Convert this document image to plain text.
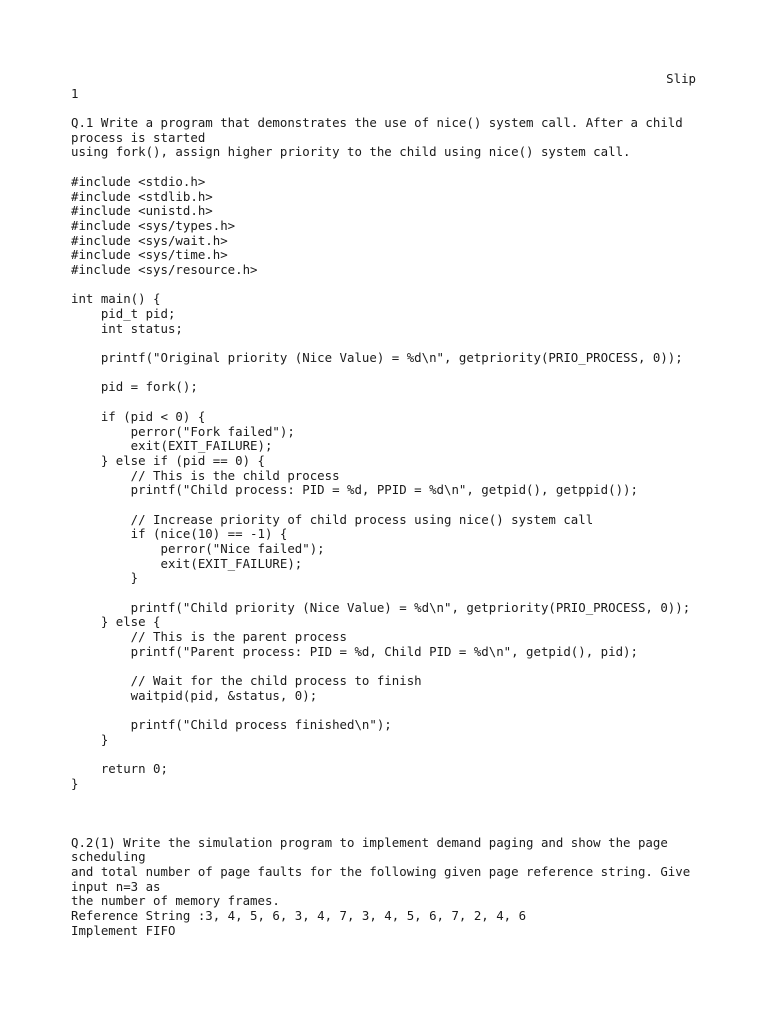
Slip
1
Q.1 Write a program that demonstrates the use of nice() system call. After a child
process is started
using fork(), assign higher priority to the child using nice() system call.
#include <stdio.h>
#include <stdlib.h>
#include <unistd.h>
#include <sys/types.h>
#include <sys/wait.h>
#include <sys/time.h>
#include <sys/resource.h>
int main() {
pid_t pid;
int status;
printf("Original priority (Nice Value) = %d\n", getpriority(PRIO_PROCESS, 0));
pid = fork();
if (pid < 0) {
perror("Fork failed");
exit(EXIT_FAILURE);
} else if (pid == 0) {
// This is the child process
printf("Child process: PID = %d, PPID = %d\n", getpid(), getppid());
// Increase priority of child process using nice() system call
if (nice(10) == -1) {
perror("Nice failed");
exit(EXIT_FAILURE);
}
printf("Child priority (Nice Value) = %d\n", getpriority(PRIO_PROCESS, 0));
} else {
// This is the parent process
printf("Parent process: PID = %d, Child PID = %d\n", getpid(), pid);
// Wait for the child process to finish
waitpid(pid, &status, 0);
printf("Child process finished\n");
}
return 0;
}
Q.2(1) Write the simulation program to implement demand paging and show the page
scheduling
and total number of page faults for the following given page reference string. Give
input n=3 as
the number of memory frames.
Reference String :3, 4, 5, 6, 3, 4, 7, 3, 4, 5, 6, 7, 2, 4, 6
Implement FIFO
